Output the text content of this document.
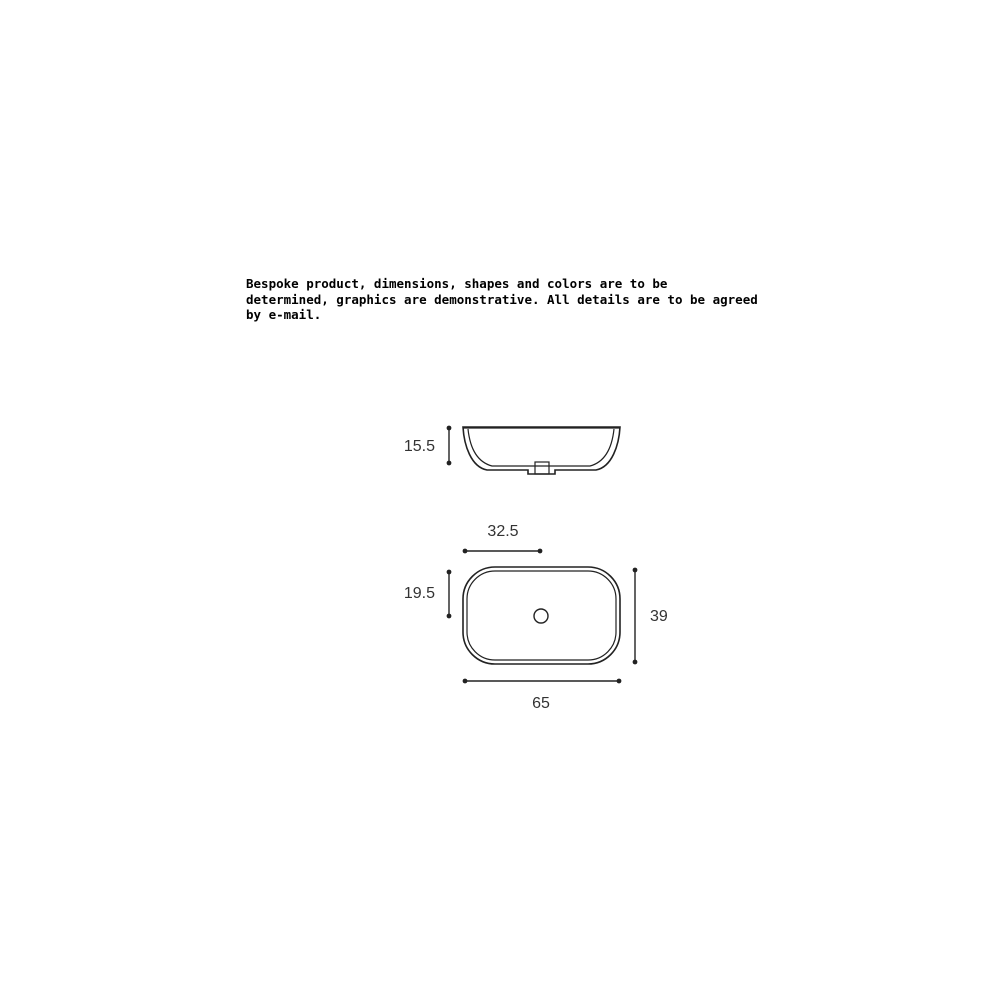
Bespoke product, dimensions, shapes and colors are to be
determined, graphics are demonstrative. All details are to be agreed
by e-mail.
15.5
32.5
19.5
39
65
